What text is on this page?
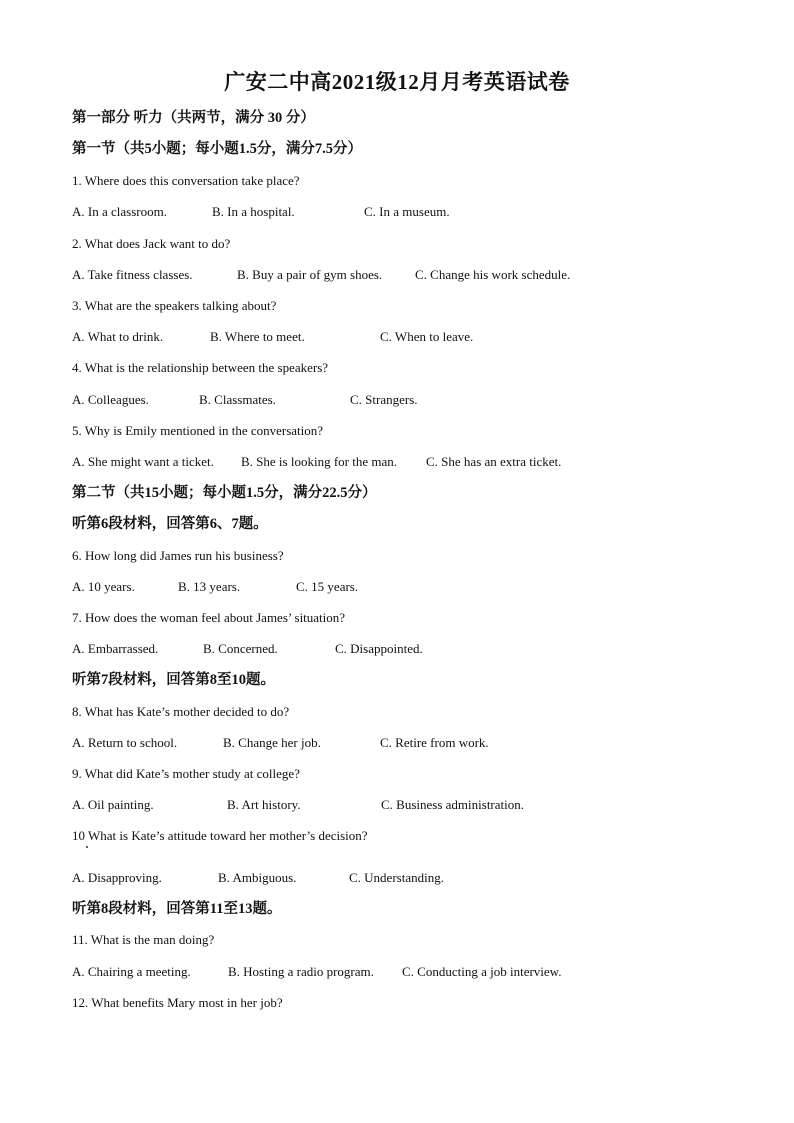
广安二中高2021级12月月考英语试卷
第一部分 听力（共两节，满分 30 分）
第一节（共5小题；每小题1.5分，满分7.5分）
1. Where does this conversation take place?
A. In a classroom.	B. In a hospital.	C. In a museum.
2. What does Jack want to do?
A. Take fitness classes.	B. Buy a pair of gym shoes.	C. Change his work schedule.
3. What are the speakers talking about?
A. What to drink.	B. Where to meet.	C. When to leave.
4. What is the relationship between the speakers?
A. Colleagues.	B. Classmates.	C. Strangers.
5. Why is Emily mentioned in the conversation?
A. She might want a ticket. B. She is looking for the man. C. She has an extra ticket.
第二节（共15小题；每小题1.5分，满分22.5分）
听第6段材料，回答第6、7题。
6. How long did James run his business?
A. 10 years.	B. 13 years.	C. 15 years.
7. How does the woman feel about James’ situation?
A. Embarrassed.	B. Concerned.	C. Disappointed.
听第7段材料，回答第8至10题。
8. What has Kate’s mother decided to do?
A. Return to school.	B. Change her job.	C. Retire from work.
9. What did Kate’s mother study at college?
A. Oil painting.	B. Art history.	C. Business administration.
10 What is Kate’s attitude toward her mother’s decision?
A. Disapproving.	B. Ambiguous.	C. Understanding.
听第8段材料，回答第11至13题。
11. What is the man doing?
A. Chairing a meeting.	B. Hosting a radio program. C. Conducting a job interview.
12. What benefits Mary most in her job?
